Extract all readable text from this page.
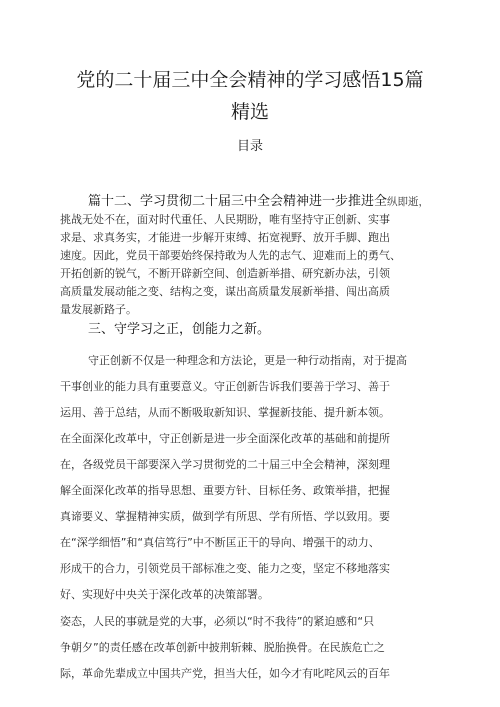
党的二十届三中全会精神的学习感悟15篇
精选
目录
篇十二、学习贯彻二十届三中全会精神进一步推进全纵即逝，
挑战无处不在，面对时代重任、人民期盼，唯有坚持守正创新、实事
求是、求真务实，才能进一步解开束缚、拓宽视野、放开手脚、跑出
速度。因此，党员干部要始终保持敢为人先的志气、迎难而上的勇气、
开拓创新的锐气，不断开辟新空间、创造新举措、研究新办法，引领
高质量发展动能之变、结构之变，谋出高质量发展新举措、闯出高质
量发展新路子。
三、守学习之正，创能力之新。
守正创新不仅是一种理念和方法论，更是一种行动指南，对于提高
干事创业的能力具有重要意义。守正创新告诉我们要善于学习、善于
运用、善于总结，从而不断吸取新知识、掌握新技能、提升新本领。
在全面深化改革中，守正创新是进一步全面深化改革的基础和前提所
在，各级党员干部要深入学习贯彻党的二十届三中全会精神，深刻理
解全面深化改革的指导思想、重要方针、目标任务、政策举措，把握
真谛要义、掌握精神实质，做到学有所思、学有所悟、学以致用。要
在“深学细悟”和“真信笃行”中不断匡正干的导向、增强干的动力、
形成干的合力，引领党员干部标准之变、能力之变，坚定不移地落实
好、实现好中央关于深化改革的决策部署。
姿态，人民的事就是党的大事，必须以“时不我待”的紧迫感和“只
争朝夕”的责任感在改革创新中披荆斩棘、脱胎换骨。在民族危亡之
际，革命先辈成立中国共产党，担当大任，如今才有叱咤风云的百年
